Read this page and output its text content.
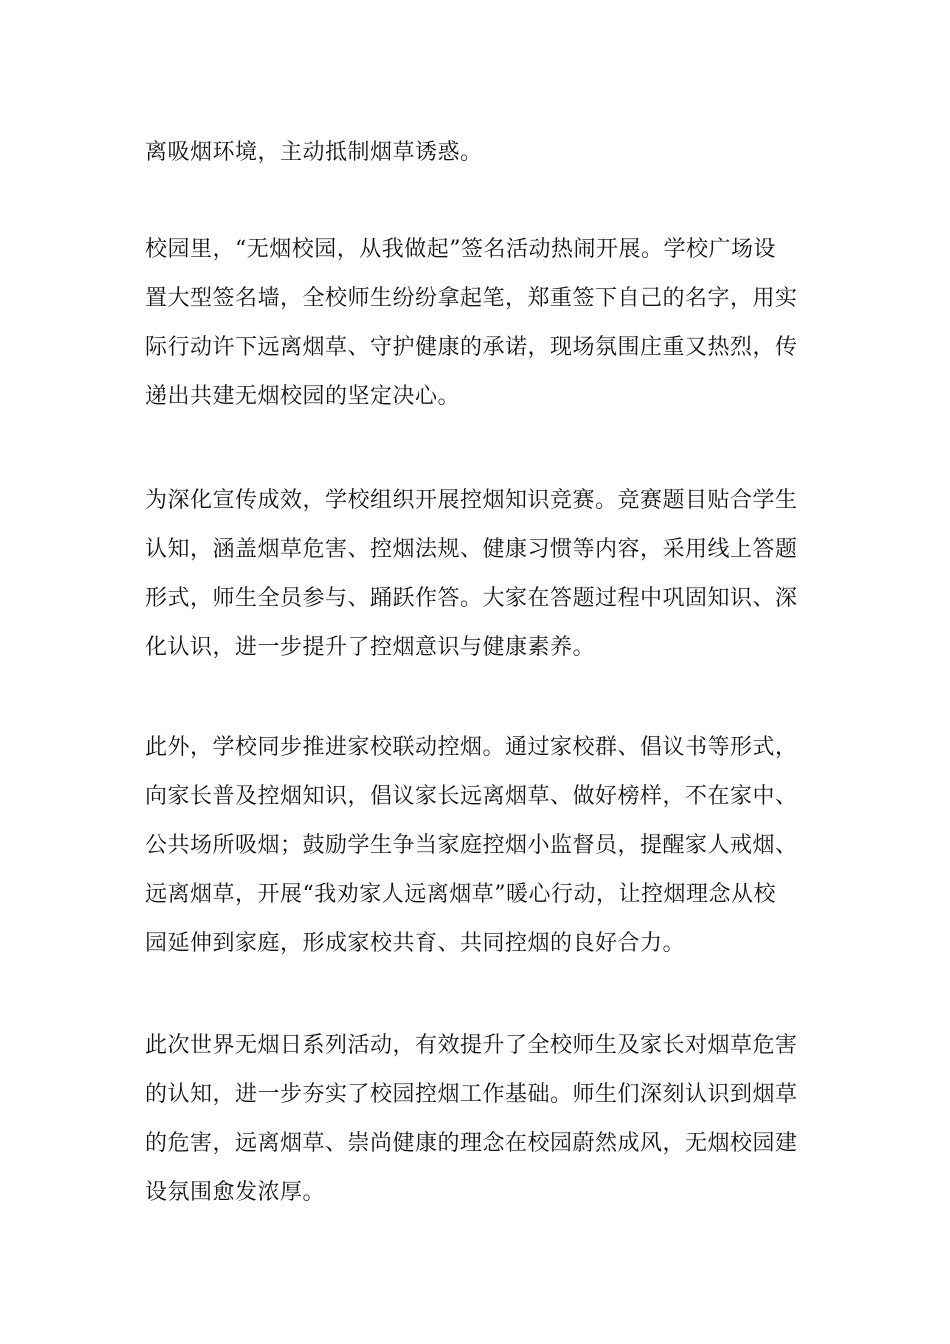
离吸烟环境，主动抵制烟草诱惑。

校园里，“无烟校园，从我做起”签名活动热闹开展。学校广场设
置大型签名墙，全校师生纷纷拿起笔，郑重签下自己的名字，用实
际行动许下远离烟草、守护健康的承诺，现场氛围庄重又热烈，传
递出共建无烟校园的坚定决心。

为深化宣传成效，学校组织开展控烟知识竞赛。竞赛题目贴合学生
认知，涵盖烟草危害、控烟法规、健康习惯等内容，采用线上答题
形式，师生全员参与、踊跃作答。大家在答题过程中巩固知识、深
化认识，进一步提升了控烟意识与健康素养。

此外，学校同步推进家校联动控烟。通过家校群、倡议书等形式，
向家长普及控烟知识，倡议家长远离烟草、做好榜样，不在家中、
公共场所吸烟；鼓励学生争当家庭控烟小监督员，提醒家人戒烟、
远离烟草，开展“我劝家人远离烟草”暖心行动，让控烟理念从校
园延伸到家庭，形成家校共育、共同控烟的良好合力。

此次世界无烟日系列活动，有效提升了全校师生及家长对烟草危害
的认知，进一步夯实了校园控烟工作基础。师生们深刻认识到烟草
的危害，远离烟草、崇尚健康的理念在校园蔚然成风，无烟校园建
设氛围愈发浓厚。
